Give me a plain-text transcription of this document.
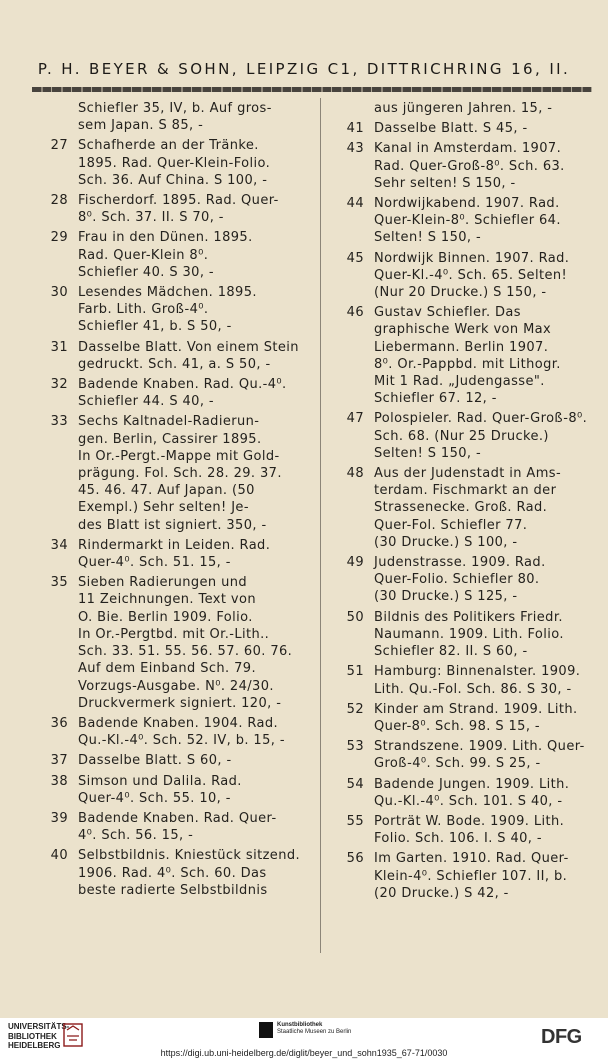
P. H. BEYER & SOHN, LEIPZIG C1, DITTRICHRING 16, II.
Schiefler 35, IV, b. Auf gros-
sem Japan. S 85, -
27 Schafherde an der Tränke.
1895. Rad. Quer-Klein-Folio.
Sch. 36. Auf China. S 100, -
28 Fischerdorf. 1895. Rad. Quer-
8⁰. Sch. 37. II. S 70, -
29 Frau in den Dünen. 1895.
Rad. Quer-Klein 8⁰.
Schiefler 40. S 30, -
30 Lesendes Mädchen. 1895.
Farb. Lith. Groß-4⁰.
Schiefler 41, b. S 50, -
31 Dasselbe Blatt. Von einem Stein
gedruckt. Sch. 41, a. S 50, -
32 Badende Knaben. Rad. Qu.-4⁰.
Schiefler 44. S 40, -
33 Sechs Kaltnadel-Radierun-
gen. Berlin, Cassirer 1895.
In Or.-Pergt.-Mappe mit Gold-
prägung. Fol. Sch. 28. 29. 37.
45. 46. 47. Auf Japan. (50
Exempl.) Sehr selten! Je-
des Blatt ist signiert. 350, -
34 Rindermarkt in Leiden. Rad.
Quer-4⁰. Sch. 51. 15, -
35 Sieben Radierungen und
11 Zeichnungen. Text von
O. Bie. Berlin 1909. Folio.
In Or.-Pergtbd. mit Or.-Lith..
Sch. 33. 51. 55. 56. 57. 60. 76.
Auf dem Einband Sch. 79.
Vorzugs-Ausgabe. N⁰. 24/30.
Druckvermerk signiert. 120, -
36 Badende Knaben. 1904. Rad.
Qu.-Kl.-4⁰. Sch. 52. IV, b. 15, -
37 Dasselbe Blatt. S 60, -
38 Simson und Dalila. Rad.
Quer-4⁰. Sch. 55. 10, -
39 Badende Knaben. Rad. Quer-
4⁰. Sch. 56. 15, -
40 Selbstbildnis. Kniestück sitzend.
1906. Rad. 4⁰. Sch. 60. Das
beste radierte Selbstbildnis
aus jüngeren Jahren. 15, -
41 Dasselbe Blatt. S 45, -
43 Kanal in Amsterdam. 1907.
Rad. Quer-Groß-8⁰. Sch. 63.
Sehr selten! S 150, -
44 Nordwijkabend. 1907. Rad.
Quer-Klein-8⁰. Schiefler 64.
Selten! S 150, -
45 Nordwijk Binnen. 1907. Rad.
Quer-Kl.-4⁰. Sch. 65. Selten!
(Nur 20 Drucke.) S 150, -
46 Gustav Schiefler. Das
graphische Werk von Max
Liebermann. Berlin 1907.
8⁰. Or.-Pappbd. mit Lithogr.
Mit 1 Rad. „Judengasse".
Schiefler 67. 12, -
47 Polospieler. Rad. Quer-Groß-8⁰.
Sch. 68. (Nur 25 Drucke.)
Selten! S 150, -
48 Aus der Judenstadt in Ams-
terdam. Fischmarkt an der
Strassenecke. Groß. Rad.
Quer-Fol. Schiefler 77.
(30 Drucke.) S 100, -
49 Judenstrasse. 1909. Rad.
Quer-Folio. Schiefler 80.
(30 Drucke.) S 125, -
50 Bildnis des Politikers Friedr.
Naumann. 1909. Lith. Folio.
Schiefler 82. II. S 60, -
51 Hamburg: Binnenalster. 1909.
Lith. Qu.-Fol. Sch. 86. S 30, -
52 Kinder am Strand. 1909. Lith.
Quer-8⁰. Sch. 98. S 15, -
53 Strandszene. 1909. Lith. Quer-
Groß-4⁰. Sch. 99. S 25, -
54 Badende Jungen. 1909. Lith.
Qu.-Kl.-4⁰. Sch. 101. S 40, -
55 Porträt W. Bode. 1909. Lith.
Folio. Sch. 106. I. S 40, -
56 Im Garten. 1910. Rad. Quer-
Klein-4⁰. Schiefler 107. II, b.
(20 Drucke.) S 42, -
UNIVERSITÄTS-
BIBLIOTHEK
HEIDELBERG
Kunstbibliothek
Staatliche Museen zu Berlin	DFG
https://digi.ub.uni-heidelberg.de/diglit/beyer_und_sohn1935_67-71/0030
